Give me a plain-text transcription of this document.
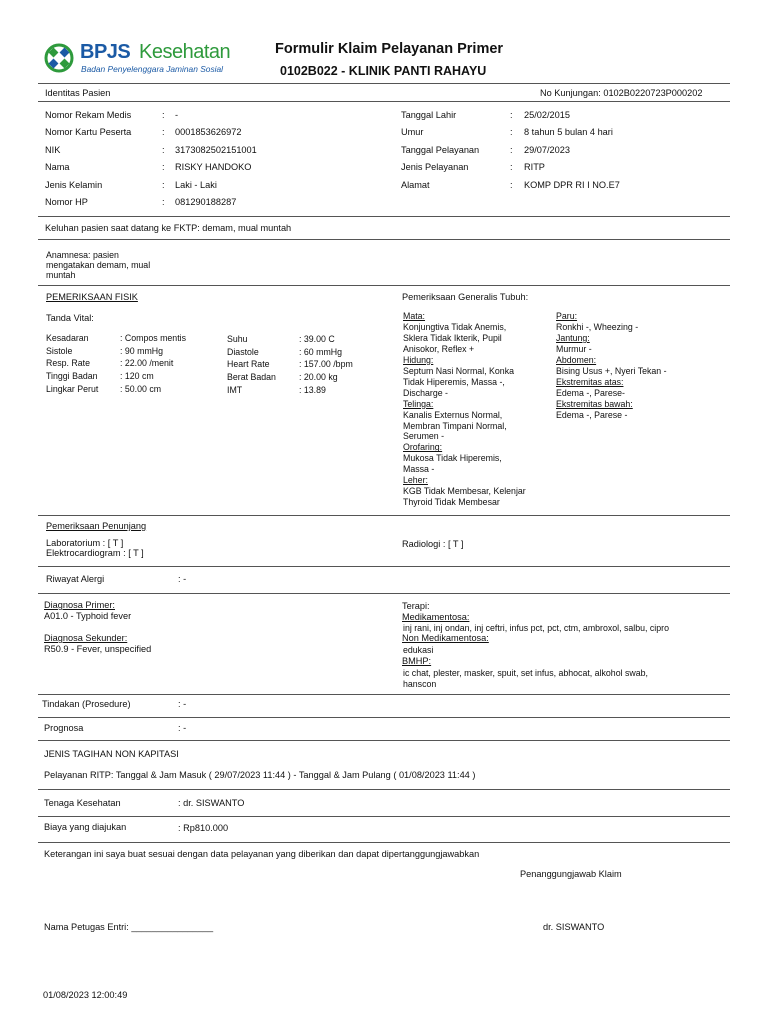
BPJS Kesehatan
Badan Penyelenggara Jaminan Sosial
Formulir Klaim Pelayanan Primer
0102B022 - KLINIK PANTI RAHAYU
Identitas Pasien	No Kunjungan: 0102B0220723P000202
Nomor Rekam Medis	: -
Nomor Kartu Peserta	: 0001853626972
NIK	: 3173082502151001
Nama	: RISKY HANDOKO
Jenis Kelamin	: Laki - Laki
Nomor HP	: 081290188287
Tanggal Lahir	: 25/02/2015
Umur	: 8 tahun 5 bulan 4 hari
Tanggal Pelayanan	: 29/07/2023
Jenis Pelayanan	: RITP
Alamat	: KOMP DPR RI I NO.E7
Keluhan pasien saat datang ke FKTP: demam, mual muntah
Anamnesa: pasien
mengatakan demam, mual
muntah
PEMERIKSAAN FISIK
Tanda Vital:
Kesadaran	: Compos mentis
Sistole	: 90 mmHg
Resp. Rate	: 22.00 /menit
Tinggi Badan	: 120 cm
Lingkar Perut : 50.00 cm
Suhu	: 39.00 C
Diastole	: 60 mmHg
Heart Rate	: 157.00 /bpm
Berat Badan	: 20.00 kg
IMT	: 13.89
Pemeriksaan Generalis Tubuh:
Mata:
Konjungtiva Tidak Anemis,
Sklera Tidak Ikterik, Pupil
Anisokor, Reflex +
Hidung:
Septum Nasi Normal, Konka
Tidak Hiperemis, Massa -,
Discharge -
Telinga:
Kanalis Externus Normal,
Membran Timpani Normal,
Serumen -
Orofaring:
Mukosa Tidak Hiperemis,
Massa -
Leher:
KGB Tidak Membesar, Kelenjar
Thyroid Tidak Membesar
Paru:
Ronkhi -, Wheezing -
Jantung:
Murmur -
Abdomen:
Bising Usus +, Nyeri Tekan -
Ekstremitas atas:
Edema -, Parese-
Ekstremitas bawah:
Edema -, Parese -
Pemeriksaan Penunjang
Laboratorium : [ T ]
Elektrocardiogram : [ T ]
Radiologi : [ T ]
Riwayat Alergi	: -
Diagnosa Primer:
A01.0 - Typhoid fever
Diagnosa Sekunder:
R50.9 - Fever, unspecified
Terapi:
Medikamentosa:
inj rani, inj ondan, inj ceftri, infus pct, pct, ctm, ambroxol, salbu, cipro
Non Medikamentosa:
edukasi
BMHP:
ic chat, plester, masker, spuit, set infus, abhocat, alkohol swab,
hanscon
Tindakan (Prosedure)	: -
Prognosa	: -
JENIS TAGIHAN NON KAPITASI
Pelayanan RITP: Tanggal & Jam Masuk ( 29/07/2023 11:44 ) - Tanggal & Jam Pulang ( 01/08/2023 11:44 )
Tenaga Kesehatan	: dr. SISWANTO
Biaya yang diajukan	: Rp810.000
Keterangan ini saya buat sesuai dengan data pelayanan yang diberikan dan dapat dipertanggungjawabkan
Penanggungjawab Klaim
Nama Petugas Entri: ________________	dr. SISWANTO
01/08/2023 12:00:49
